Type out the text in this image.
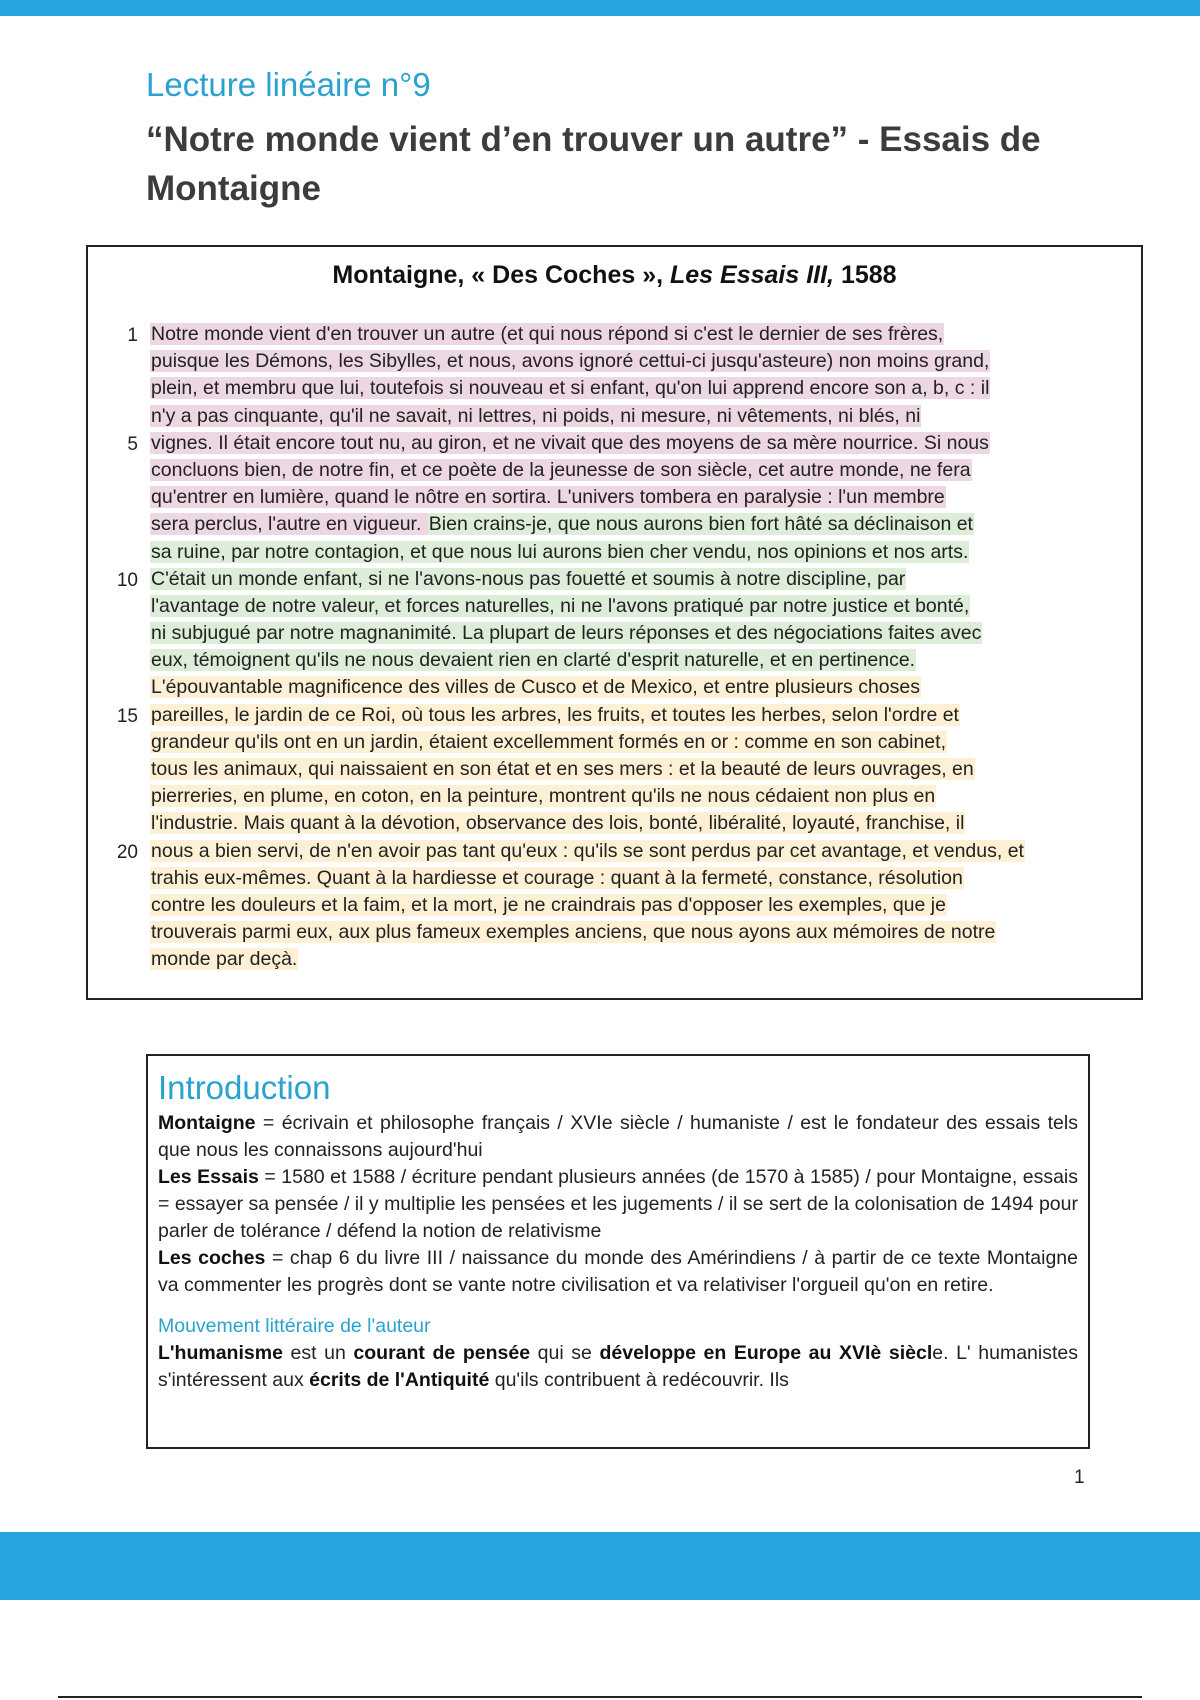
Lecture linéaire n°9
“Notre monde vient d’en trouver un autre” - Essais de Montaigne
Montaigne, « Des Coches », Les Essais III, 1588
1 Notre monde vient d'en trouver un autre (et qui nous répond si c'est le dernier de ses frères,
puisque les Démons, les Sibylles, et nous, avons ignoré cettui-ci jusqu'asteure) non moins grand,
plein, et membru que lui, toutefois si nouveau et si enfant, qu'on lui apprend encore son a, b, c : il
n'y a pas cinquante, qu'il ne savait, ni lettres, ni poids, ni mesure, ni vêtements, ni blés, ni
5 vignes. Il était encore tout nu, au giron, et ne vivait que des moyens de sa mère nourrice. Si nous
concluons bien, de notre fin, et ce poète de la jeunesse de son siècle, cet autre monde, ne fera
qu'entrer en lumière, quand le nôtre en sortira. L'univers tombera en paralysie : l'un membre
sera perclus, l'autre en vigueur. Bien crains-je, que nous aurons bien fort hâté sa déclinaison et
sa ruine, par notre contagion, et que nous lui aurons bien cher vendu, nos opinions et nos arts.
10 C'était un monde enfant, si ne l'avons-nous pas fouetté et soumis à notre discipline, par
l'avantage de notre valeur, et forces naturelles, ni ne l'avons pratiqué par notre justice et bonté,
ni subjugué par notre magnanimité. La plupart de leurs réponses et des négociations faites avec
eux, témoignent qu'ils ne nous devaient rien en clarté d'esprit naturelle, et en pertinence.
L'épouvantable magnificence des villes de Cusco et de Mexico, et entre plusieurs choses
15 pareilles, le jardin de ce Roi, où tous les arbres, les fruits, et toutes les herbes, selon l'ordre et
grandeur qu'ils ont en un jardin, étaient excellemment formés en or : comme en son cabinet,
tous les animaux, qui naissaient en son état et en ses mers : et la beauté de leurs ouvrages, en
pierreries, en plume, en coton, en la peinture, montrent qu'ils ne nous cédaient non plus en
l'industrie. Mais quant à la dévotion, observance des lois, bonté, libéralité, loyauté, franchise, il
20 nous a bien servi, de n'en avoir pas tant qu'eux : qu'ils se sont perdus par cet avantage, et vendus, et
trahis eux-mêmes. Quant à la hardiesse et courage : quant à la fermeté, constance, résolution
contre les douleurs et la faim, et la mort, je ne craindrais pas d'opposer les exemples, que je
trouverais parmi eux, aux plus fameux exemples anciens, que nous ayons aux mémoires de notre
monde par deçà.
Introduction

Montaigne = écrivain et philosophe français / XVIe siècle / humaniste / est le fondateur des essais tels que nous les connaissons aujourd'hui

Les Essais = 1580 et 1588 / écriture pendant plusieurs années (de 1570 à 1585) / pour Montaigne, essais = essayer sa pensée / il y multiplie les pensées et les jugements / il se sert de la colonisation de 1494 pour parler de tolérance / défend la notion de relativisme

Les coches = chap 6 du livre III / naissance du monde des Amérindiens / à partir de ce texte Montaigne va commenter les progrès dont se vante notre civilisation et va relativiser l'orgueil qu'on en retire.

Mouvement littéraire de l'auteur

L'humanisme est un courant de pensée qui se développe en Europe au XVIè siècle. L' humanistes s'intéressent aux écrits de l'Antiquité qu'ils contribuent à redécouvrir. Ils

1
